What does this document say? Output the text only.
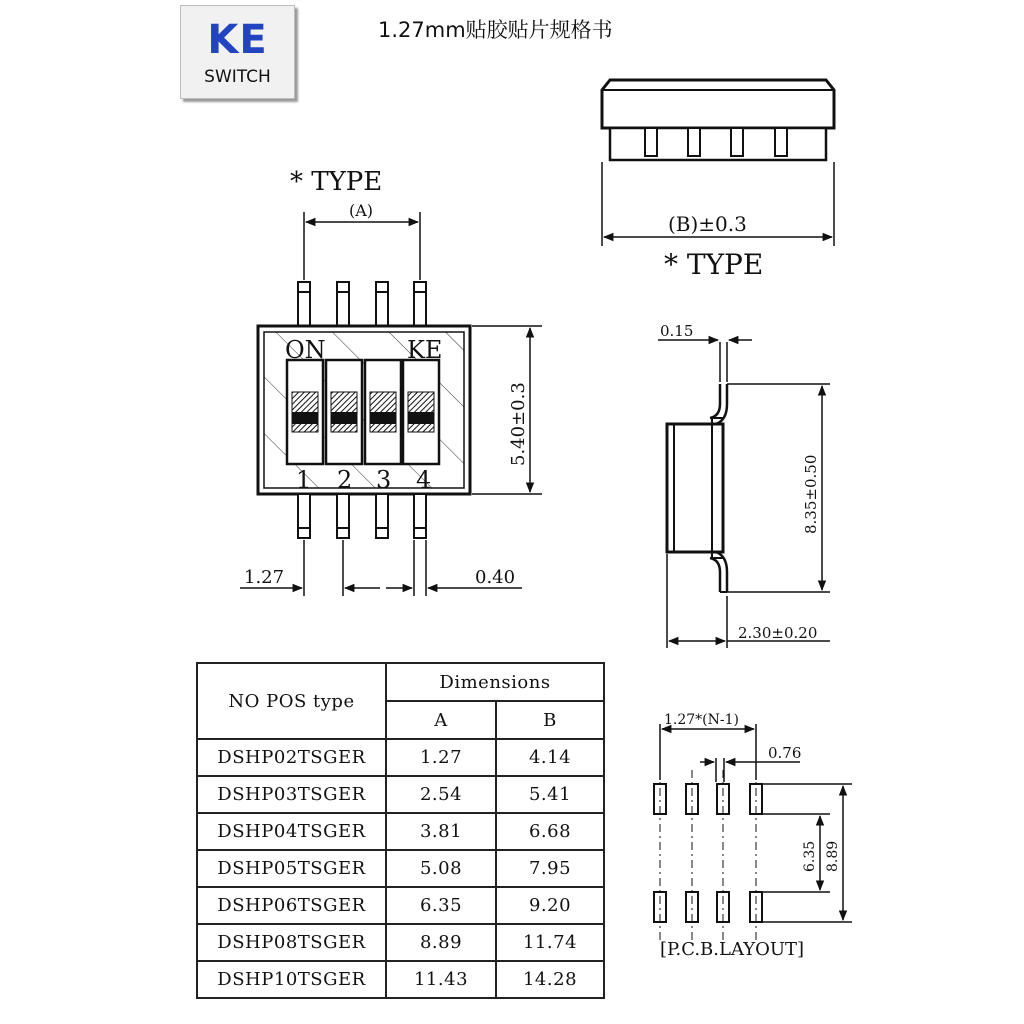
KE
SWITCH
1.27mm贴胶贴片规格书
* TYPE
(A)
ON	KE
1 2 3 4
5.40±0.3
1.27	0.40
(B)±0.3
* TYPE
0.15
8.35±0.50
2.30±0.20
1.27*(N-1)
0.76
6.35 8.89
[P.C.B.LAYOUT]
NO POS type	Dimensions	
	A	B
DSHP02TSGER	1.27	4.14
DSHP03TSGER	2.54	5.41
DSHP04TSGER	3.81	6.68
DSHP05TSGER	5.08	7.95
DSHP06TSGER	6.35	9.20
DSHP08TSGER	8.89	11.74
DSHP10TSGER	11.43	14.28
